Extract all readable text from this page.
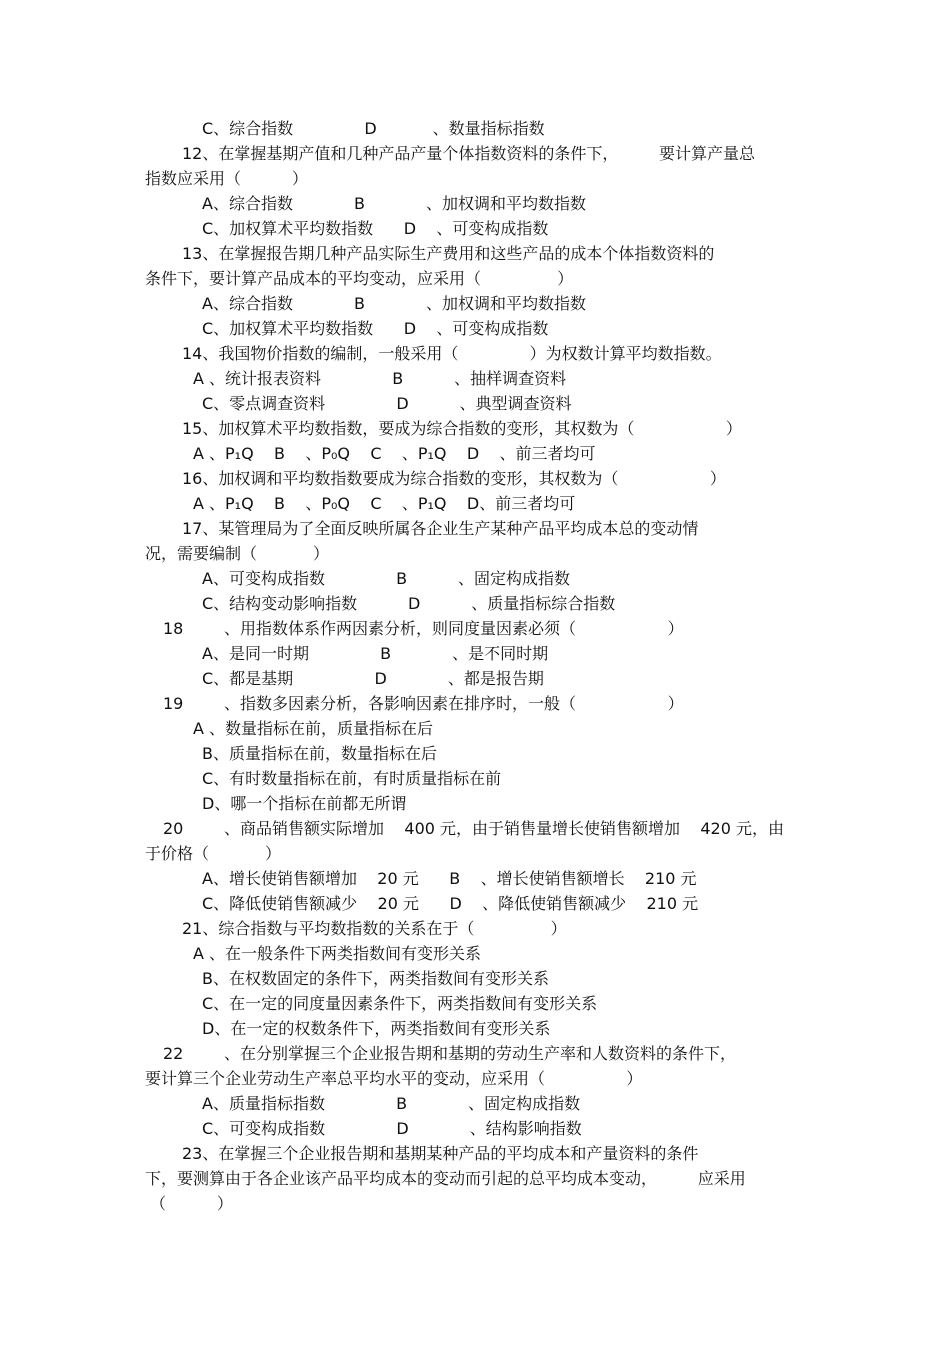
C、综合指数              D           、数量指标指数
12、在掌握基期产值和几种产品产量个体指数资料的条件下，        要计算产量总
指数应采用（          ）
A、综合指数            B            、加权调和平均数指数
C、加权算术平均数指数      D    、可变构成指数
13、在掌握报告期几种产品实际生产费用和这些产品的成本个体指数资料的
条件下，要计算产品成本的平均变动，应采用（               ）
A、综合指数            B            、加权调和平均数指数
C、加权算术平均数指数      D    、可变构成指数
14、我国物价指数的编制，一般采用（              ）为权数计算平均数指数。
A 、统计报表资料              B          、抽样调查资料
C、零点调查资料              D          、典型调查资料
15、加权算术平均数指数，要成为综合指数的变形，其权数为（                  ）
A 、P₁Q    B    、P₀Q    C    、P₁Q    D    、前三者均可
16、加权调和平均数指数要成为综合指数的变形，其权数为（                  ）
A 、P₁Q    B    、P₀Q    C    、P₁Q    D、前三者均可
17、某管理局为了全面反映所属各企业生产某种产品平均成本总的变动情
况，需要编制（           ）
A、可变构成指数              B          、固定构成指数
C、结构变动影响指数          D          、质量指标综合指数
18        、用指数体系作两因素分析，则同度量因素必须（                  ）
A、是同一时期              B            、是不同时期
C、都是基期                D            、都是报告期
19        、指数多因素分析，各影响因素在排序时，一般（                  ）
A 、数量指标在前，质量指标在后
B、质量指标在前，数量指标在后
C、有时数量指标在前，有时质量指标在前
D、哪一个指标在前都无所谓
20        、商品销售额实际增加    400 元，由于销售量增长使销售额增加    420 元，由
于价格（           ）
A、增长使销售额增加    20 元      B    、增长使销售额增长    210 元
C、降低使销售额减少    20 元      D    、降低使销售额减少    210 元
21、综合指数与平均数指数的关系在于（               ）
A 、在一般条件下两类指数间有变形关系
B、在权数固定的条件下，两类指数间有变形关系
C、在一定的同度量因素条件下，两类指数间有变形关系
D、在一定的权数条件下，两类指数间有变形关系
22        、在分别掌握三个企业报告期和基期的劳动生产率和人数资料的条件下，
要计算三个企业劳动生产率总平均水平的变动，应采用（                ）
A、质量指标指数              B            、固定构成指数
C、可变构成指数              D            、结构影响指数
23、在掌握三个企业报告期和基期某种产品的平均成本和产量资料的条件
下，要测算由于各企业该产品平均成本的变动而引起的总平均成本变动，        应采用
（          ）
